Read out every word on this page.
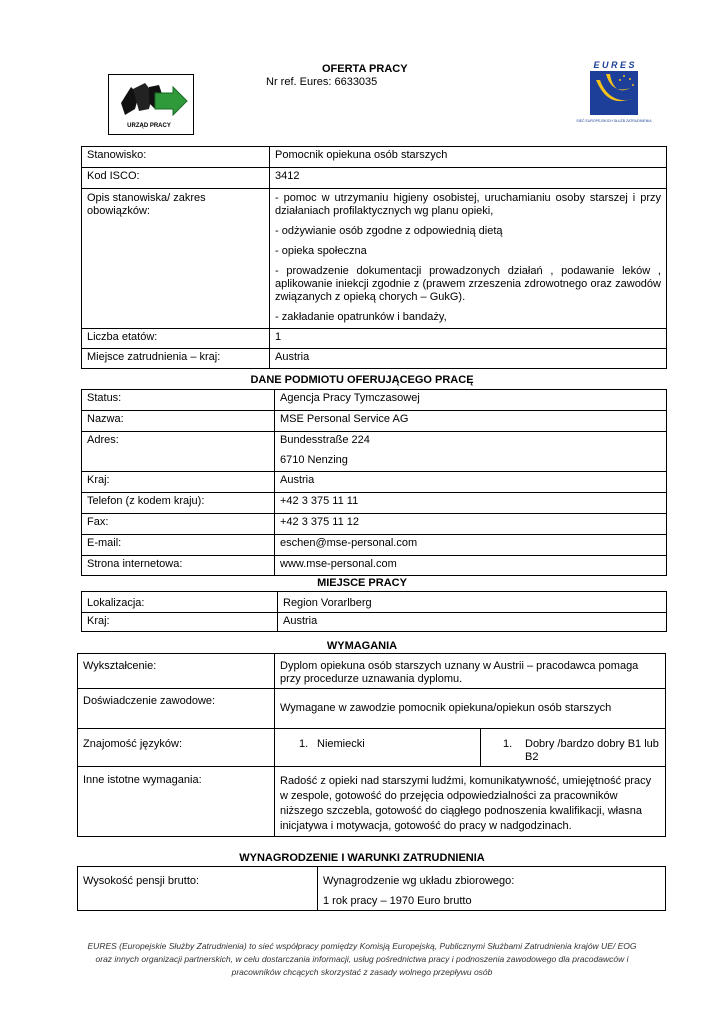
OFERTA PRACY
Nr ref. Eures: 6633035
URZĄD PRACY
E U R E S
SIEĆ EUROPEJSKICH SŁUŻB ZATRUDNIENIA
Stanowisko:	Pomocnik opiekuna osób starszych
Kod ISCO:	3412
Opis stanowiska/ zakres obowiązków:	- pomoc w utrzymaniu higieny osobistej, uruchamianiu osoby starszej i przy działaniach profilaktycznych wg planu opieki,

- odżywianie osób zgodne z odpowiednią dietą

- opieka społeczna

- prowadzenie dokumentacji prowadzonych działań , podawanie leków , aplikowanie iniekcji zgodnie z (prawem zrzeszenia zdrowotnego oraz zawodów związanych z opieką chorych – GukG).

- zakładanie opatrunków i bandaży,

Liczba etatów:	1
Miejsce zatrudnienia – kraj:	Austria
DANE PODMIOTU OFERUJĄCEGO PRACĘ
Status:	Agencja Pracy Tymczasowej
Nazwa:	MSE Personal Service AG
Adres:	Bundesstraße 224
6710 Nenzing

Kraj:	Austria
Telefon (z kodem kraju):	+42 3 375 11 11
Fax:	+42 3 375 11 12
E-mail:	eschen@mse-personal.com
Strona internetowa:	www.mse-personal.com
MIEJSCE PRACY
Lokalizacja:	Region Vorarlberg
Kraj:	Austria
WYMAGANIA
Wykształcenie:	Dyplom opiekuna osób starszych uznany w Austrii – pracodawca pomaga przy procedurze uznawania dyplomu.	
Doświadczenie zawodowe:	Wymagane w zawodzie pomocnik opiekuna/opiekun osób starszych	
Znajomość języków:	1. Niemiecki	1. Dobry /bardzo dobry B1 lub B2

Inne istotne wymagania:	Radość z opieki nad starszymi ludźmi, komunikatywność, umiejętność pracy w zespole, gotowość do przejęcia odpowiedzialności za pracowników niższego szczebla, gotowość do ciągłego podnoszenia kwalifikacji, własna inicjatywa i motywacja, gotowość do pracy w nadgodzinach.	
WYNAGRODZENIE I WARUNKI ZATRUDNIENIA
Wysokość pensji brutto:	Wynagrodzenie wg układu zbiorowego:
1 rok pracy – 1970 Euro brutto
EURES (Europejskie Służby Zatrudnienia) to sieć współpracy pomiędzy Komisją Europejską, Publicznymi Służbami Zatrudnienia krajów UE/ EOG
oraz innych organizacji partnerskich, w celu dostarczania informacji, usług pośrednictwa pracy i podnoszenia zawodowego dla pracodawców i
pracowników chcących skorzystać z zasady wolnego przepływu osób
